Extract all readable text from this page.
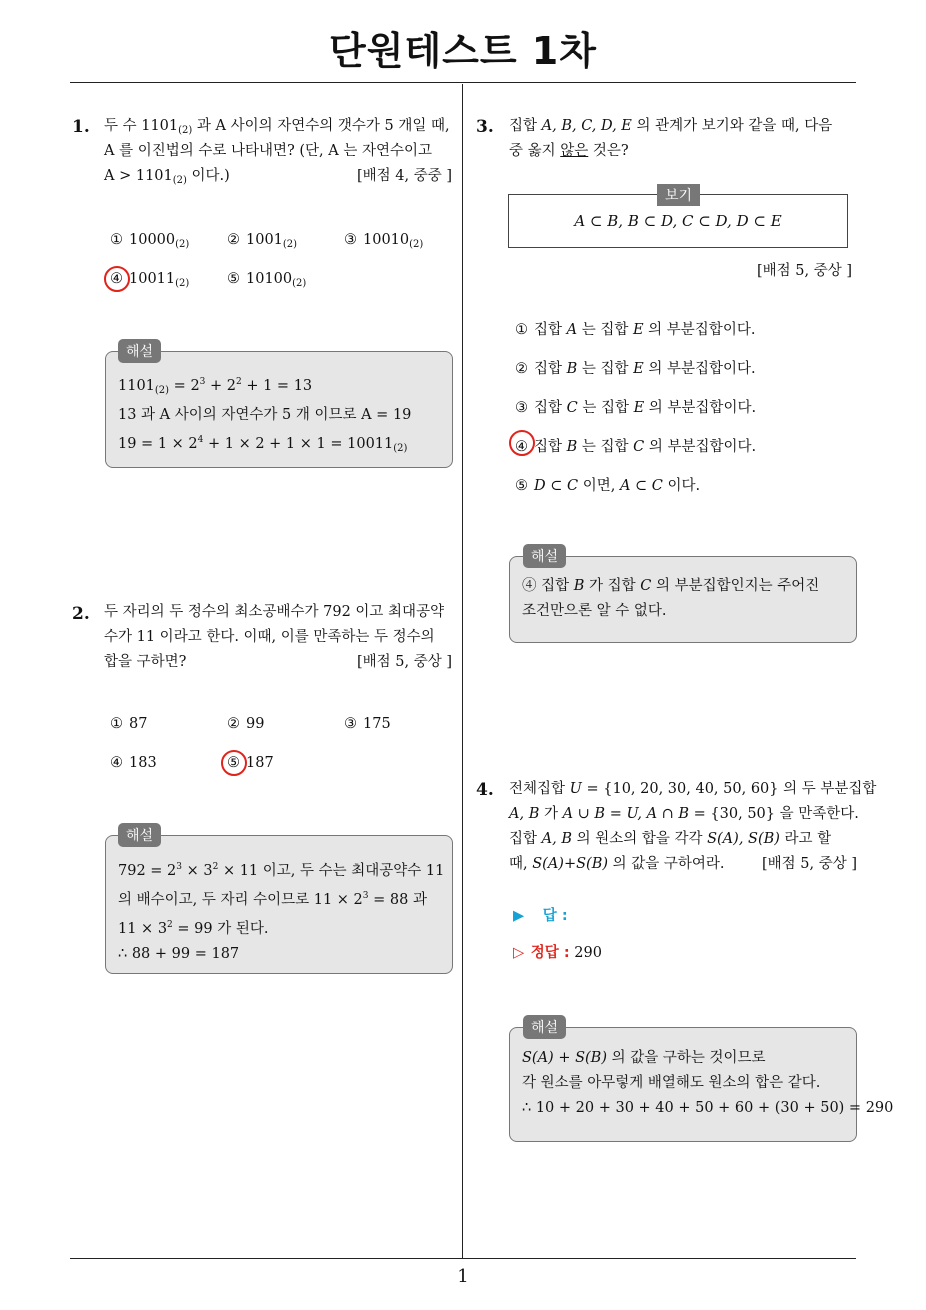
단원테스트 1차
1. 두 수 $1101_{(2)}$ 과 A 사이의 자연수의 갯수가 5 개일 때,
A 를 이진법의 수로 나타내면? (단, A 는 자연수이고
$A > 1101_{(2)}$ 이다.)	[배점 4, 중중 ]
① $10000_{(2)}$	② $1001_{(2)}$	③ $10010_{(2)}$
④ $10011_{(2)}$	⑤ $10100_{(2)}$
해설
$1101_{(2)} = 2^3 + 2^2 + 1 = 13$
13 과 A 사이의 자연수가 5 개 이므로 A = 19
$19 = 1 \times 2^4 + 1 \times 2 + 1 \times 1 = 10011_{(2)}$
2. 두 자리의 두 정수의 최소공배수가 792 이고 최대공약
수가 11 이라고 한다. 이때, 이를 만족하는 두 정수의
합을 구하면?	[배점 5, 중상 ]
① 87	② 99	③ 175
④ 183	⑤ 187
해설
$792 = 2^3 \times 3^2 \times 11$ 이고, 두 수는 최대공약수 11
의 배수이고, 두 자리 수이므로 $11 \times 2^3 = 88$ 과
$11 \times 3^2 = 99$ 가 된다.
∴ 88 + 99 = 187
3. 집합 A, B, C, D, E 의 관계가 보기와 같을 때, 다음
중 옳지 않은 것은?
A ⊂ B, B ⊂ D, C ⊂ D, D ⊂ E
보기
[배점 5, 중상 ]
① 집합 A 는 집합 E 의 부분집합이다.
② 집합 B 는 집합 E 의 부분집합이다.
③ 집합 C 는 집합 E 의 부분집합이다.
④ 집합 B 는 집합 C 의 부분집합이다.
⑤ D ⊂ C 이면, A ⊂ C 이다.
해설
④ 집합 B 가 집합 C 의 부분집합인지는 주어진
조건만으론 알 수 없다.
4. 전체집합 U = {10, 20, 30, 40, 50, 60} 의 두 부분집합
A, B 가 A ∪ B = U, A ∩ B = {30, 50} 을 만족한다.
집합 A, B 의 원소의 합을 각각 S(A), S(B) 라고 할
때, S(A)+S(B) 의 값을 구하여라.	[배점 5, 중상 ]
▶ 답 :
▷ 정답 : 290
해설
S(A) + S(B) 의 값을 구하는 것이므로
각 원소를 아무렇게 배열해도 원소의 합은 같다.
∴ 10 + 20 + 30 + 40 + 50 + 60 + (30 + 50) = 290
1
